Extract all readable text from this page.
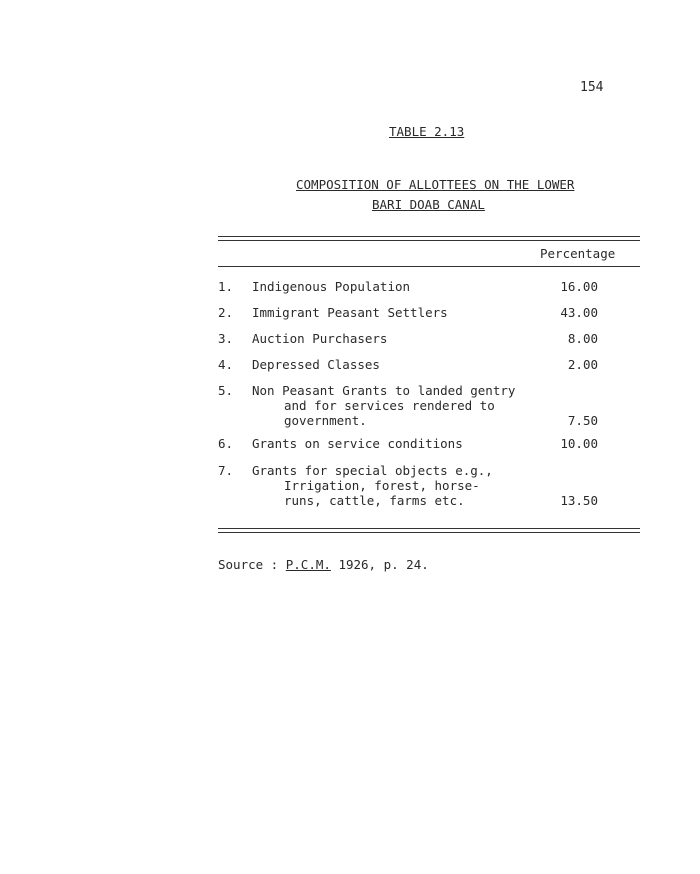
154
TABLE 2.13
COMPOSITION OF ALLOTTEES ON THE LOWER
BARI DOAB CANAL
Percentage
1.	Indigenous Population	16.00
2.	Immigrant Peasant Settlers	43.00
3.	Auction Purchasers	8.00
4.	Depressed Classes	2.00
5.	Non Peasant Grants to landed gentry
and for services rendered to
government.	7.50
6.	Grants on service conditions	10.00
7.	Grants for special objects e.g.,
Irrigation, forest, horse-
runs, cattle, farms etc.	13.50
Source : P.C.M. 1926, p. 24.
